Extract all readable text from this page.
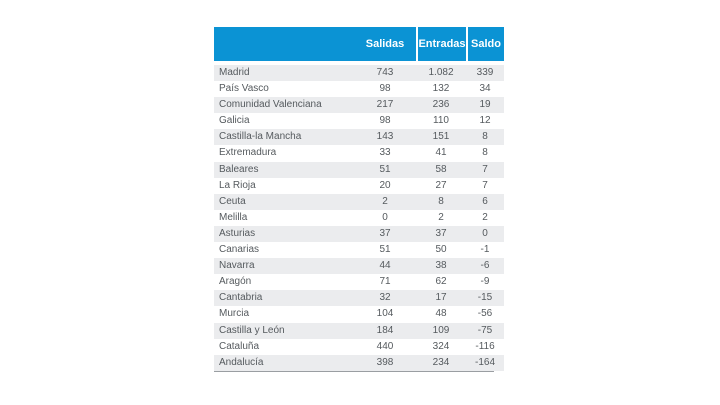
	Salidas	Entradas	Saldo

Madrid	743	1.082	339
País Vasco	98	132	34
Comunidad Valenciana	217	236	19
Galicia	98	110	12
Castilla-la Mancha	143	151	8
Extremadura	33	41	8
Baleares	51	58	7
La Rioja	20	27	7
Ceuta	2	8	6
Melilla	0	2	2
Asturias	37	37	0
Canarias	51	50	-1
Navarra	44	38	-6
Aragón	71	62	-9
Cantabria	32	17	-15
Murcia	104	48	-56
Castilla y León	184	109	-75
Cataluña	440	324	-116
Andalucía	398	234	-164
